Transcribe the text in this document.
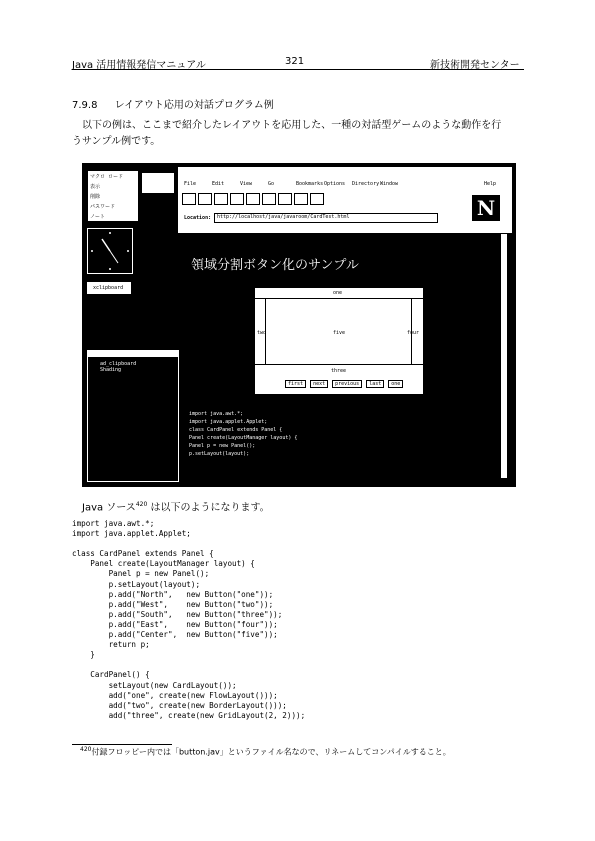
Java 活用情報発信マニュアル	321	新技術開発センター
7.9.8 レイアウト応用の対話プログラム例
以下の例は、ここまで紹介したレイアウトを応用した、一種の対話型ゲームのような動作を行
うサンプル例です。
マクロ ロード
表示
削除
パスワード
ノート
xclipboard
ad_clipboard
Shading
File	Edit	View	Go	Bookmarks Options Directory Window	Help
Location:	http://localhost/java/javaroom/CardTest.html	N
領域分割ボタン化のサンプル
one
two	five	four
three
first	next	previous	last	one
import java.awt.*;
import java.applet.Applet;
class CardPanel extends Panel {
Panel create(LayoutManager layout) {
Panel p = new Panel();
p.setLayout(layout);
Java ソース$^{420}$ は以下のようになります。
import java.awt.*;
import java.applet.Applet;

class CardPanel extends Panel {
Panel create(LayoutManager layout) {
Panel p = new Panel();
p.setLayout(layout);
p.add("North",   new Button("one"));
p.add("West",    new Button("two"));
p.add("South",   new Button("three"));
p.add("East",    new Button("four"));
p.add("Center",  new Button("five"));
return p;
}

CardPanel() {
setLayout(new CardLayout());
add("one", create(new FlowLayout()));
add("two", create(new BorderLayout()));
add("three", create(new GridLayout(2, 2)));
$^{420}$付録フロッピー内では「button.jav」というファイル名なので、リネームしてコンパイルすること。
